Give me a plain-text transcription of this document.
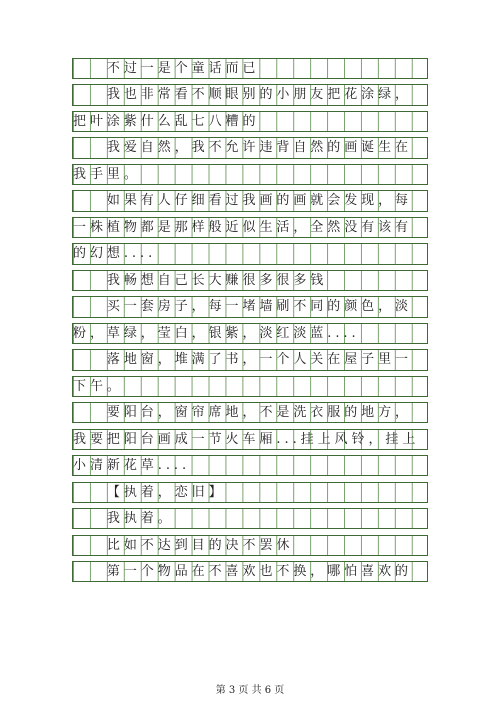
不过一是个童话而已
我也非常看不顺眼别的小朋友把花涂绿，
把叶涂紫什么乱七八糟的
我爱自然，我不允许违背自然的画诞生在
我手里。
如果有人仔细看过我画的画就会发现，每
一株植物都是那样般近似生活，全然没有该有
的幻想....
我畅想自己长大赚很多很多钱
买一套房子，每一堵墙刷不同的颜色，淡
粉，草绿，莹白，银紫，淡红淡蓝....
落地窗，堆满了书，一个人关在屋子里一
下午。
要阳台，窗帘席地，不是洗衣服的地方，
我要把阳台画成一节火车厢...挂上风铃，挂上
小清新花草....
【执着，恋旧】
我执着。
比如不达到目的决不罢休
第一个物品在不喜欢也不换，哪怕喜欢的
第 3 页 共 6 页
